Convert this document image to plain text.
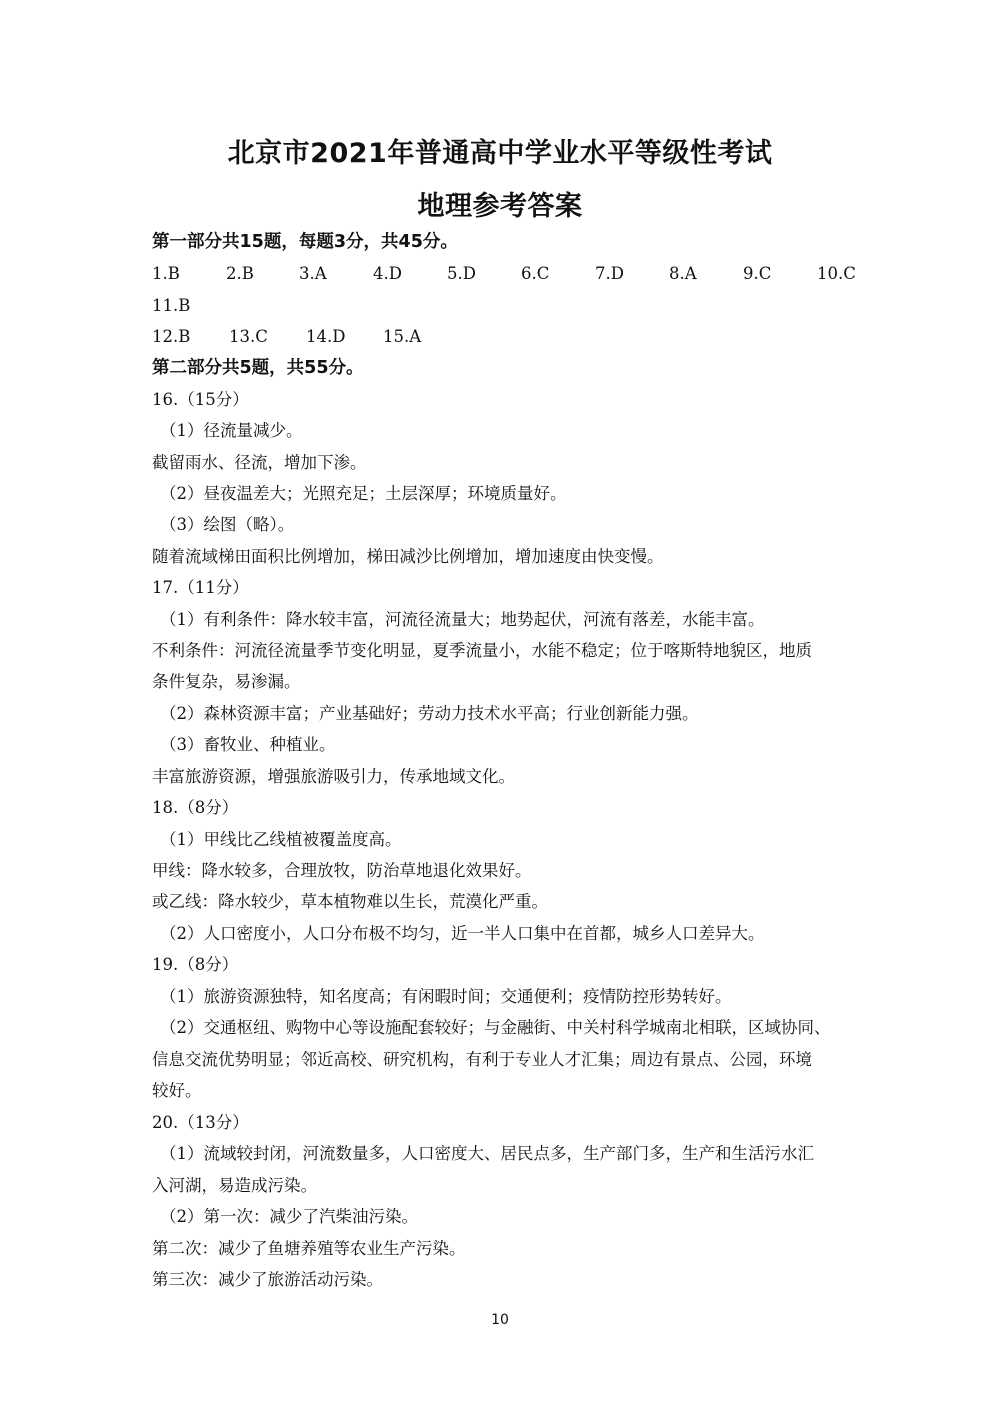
北京市2021年普通高中学业水平等级性考试
地理参考答案
第一部分共15题，每题3分，共45分。
1.B	2.B	3.A	4.D	5.D	6.C	7.D	8.A	9.C	10.C
11.B
12.B 13.C 14.D 15.A
第二部分共5题，共55分。
16.（15分）
（1）径流量减少。
截留雨水、径流，增加下渗。
（2）昼夜温差大；光照充足；土层深厚；环境质量好。
（3）绘图（略）。
随着流域梯田面积比例增加，梯田减沙比例增加，增加速度由快变慢。
17.（11分）
（1）有利条件：降水较丰富，河流径流量大；地势起伏，河流有落差，水能丰富。
不利条件：河流径流量季节变化明显，夏季流量小，水能不稳定；位于喀斯特地貌区，地质
条件复杂，易渗漏。
（2）森林资源丰富；产业基础好；劳动力技术水平高；行业创新能力强。
（3）畜牧业、种植业。
丰富旅游资源，增强旅游吸引力，传承地域文化。
18.（8分）
（1）甲线比乙线植被覆盖度高。
甲线：降水较多，合理放牧，防治草地退化效果好。
或乙线：降水较少，草本植物难以生长，荒漠化严重。
（2）人口密度小，人口分布极不均匀，近一半人口集中在首都，城乡人口差异大。
19.（8分）
（1）旅游资源独特，知名度高；有闲暇时间；交通便利；疫情防控形势转好。
（2）交通枢纽、购物中心等设施配套较好；与金融街、中关村科学城南北相联，区域协同、
信息交流优势明显；邻近高校、研究机构，有利于专业人才汇集；周边有景点、公园，环境
较好。
20.（13分）
（1）流域较封闭，河流数量多，人口密度大、居民点多，生产部门多，生产和生活污水汇
入河湖，易造成污染。
（2）第一次：减少了汽柴油污染。
第二次：减少了鱼塘养殖等农业生产污染。
第三次：减少了旅游活动污染。
10
